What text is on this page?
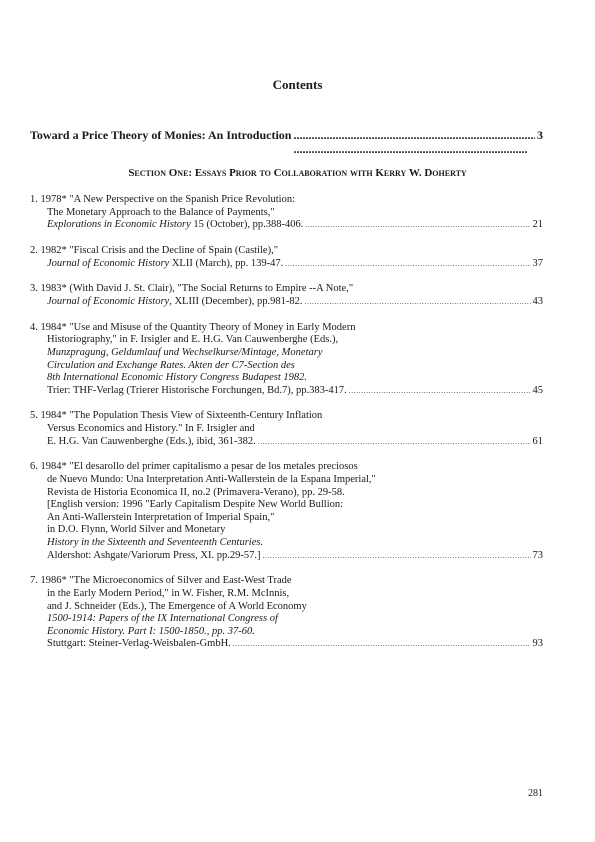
Contents
Toward a Price Theory of Monies: An Introduction . . .	3
Section One: Essays Prior to Collaboration with Kerry W. Doherty
1. 1978* "A New Perspective on the Spanish Price Revolution:
The Monetary Approach to the Balance of Payments,"
Explorations in Economic History 15 (October), pp.388-406. . . .	21
2. 1982* "Fiscal Crisis and the Decline of Spain (Castile),"
Journal of Economic History XLII (March), pp. 139-47. . . .	37
3. 1983* (With David J. St. Clair), "The Social Returns to Empire --A Note,"
Journal of Economic History, XLIII (December), pp.981-82. . . .	43
4. 1984* "Use and Misuse of the Quantity Theory of Money in Early Modern
Historiography," in F. Irsigler and E. H.G. Van Cauwenberghe (Eds.),
Munzpragung, Geldumlauf und Wechselkurse/Mintage, Monetary
Circulation and Exchange Rates. Akten der C7-Section des
8th International Economic History Congress Budapest 1982.
Trier: THF-Verlag (Trierer Historische Forchungen, Bd.7), pp.383-417. . . .	45
5. 1984* "The Population Thesis View of Sixteenth-Century Inflation
Versus Economics and History." In F. Irsigler and
E. H.G. Van Cauwenberghe (Eds.), ibid, 361-382. . . .	61
6. 1984* "El desarollo del primer capitalismo a pesar de los metales preciosos
de Nuevo Mundo: Una Interpretation Anti-Wallerstein de la Espana Imperial,"
Revista de Historia Economica II, no.2 (Primavera-Verano), pp. 29-58.
[English version: 1996 "Early Capitalism Despite New World Bullion:
An Anti-Wallerstein Interpretation of Imperial Spain,"
in D.O. Flynn, World Silver and Monetary
History in the Sixteenth and Seventeenth Centuries.
Aldershot: Ashgate/Variorum Press, XI. pp.29-57.] . . .	73
7. 1986* "The Microeconomics of Silver and East-West Trade
in the Early Modern Period," in W. Fisher, R.M. McInnis,
and J. Schneider (Eds.), The Emergence of A World Economy
1500-1914: Papers of the IX International Congress of
Economic History. Part I: 1500-1850., pp. 37-60.
Stuttgart: Steiner-Verlag-Weisbalen-GmbH. . . .	93
281
